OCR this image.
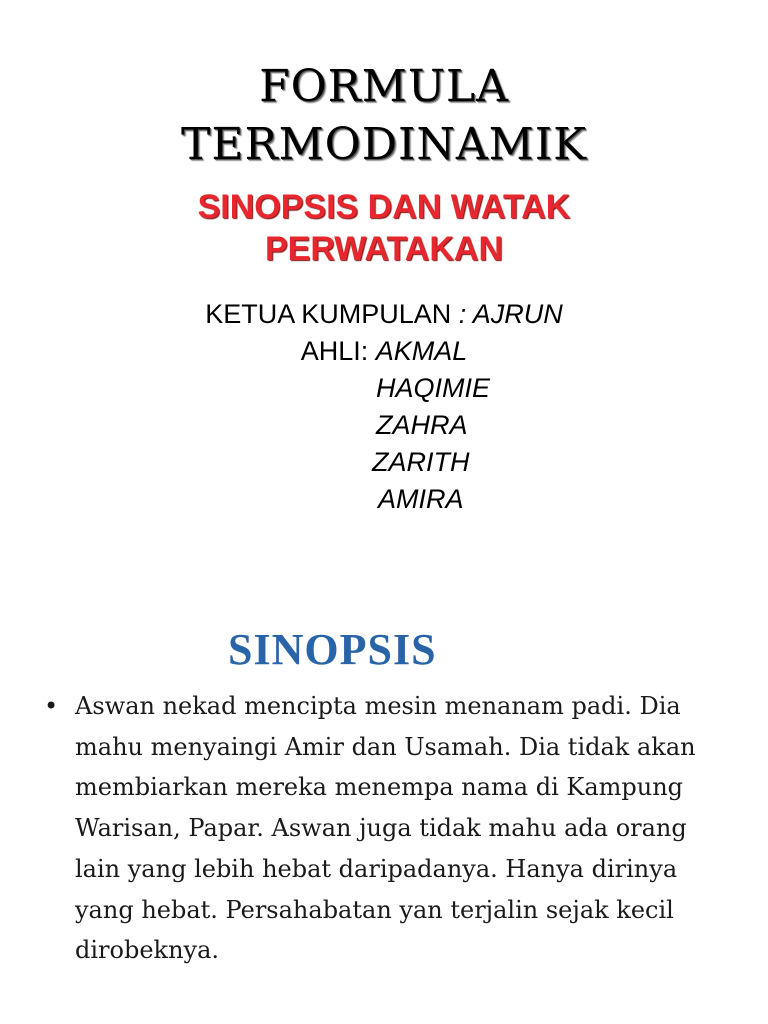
FORMULA
TERMODINAMIK
SINOPSIS DAN WATAK
PERWATAKAN
KETUA KUMPULAN : AJRUN
AHLI: AKMAL
HAQIMIE
ZAHRA
ZARITH
AMIRA
SINOPSIS
• Aswan nekad mencipta mesin menanam padi. Dia mahu menyaingi Amir dan Usamah. Dia tidak akan membiarkan mereka menempa nama di Kampung Warisan, Papar. Aswan juga tidak mahu ada orang lain yang lebih hebat daripadanya. Hanya dirinya yang hebat. Persahabatan yan terjalin sejak kecil dirobeknya.
